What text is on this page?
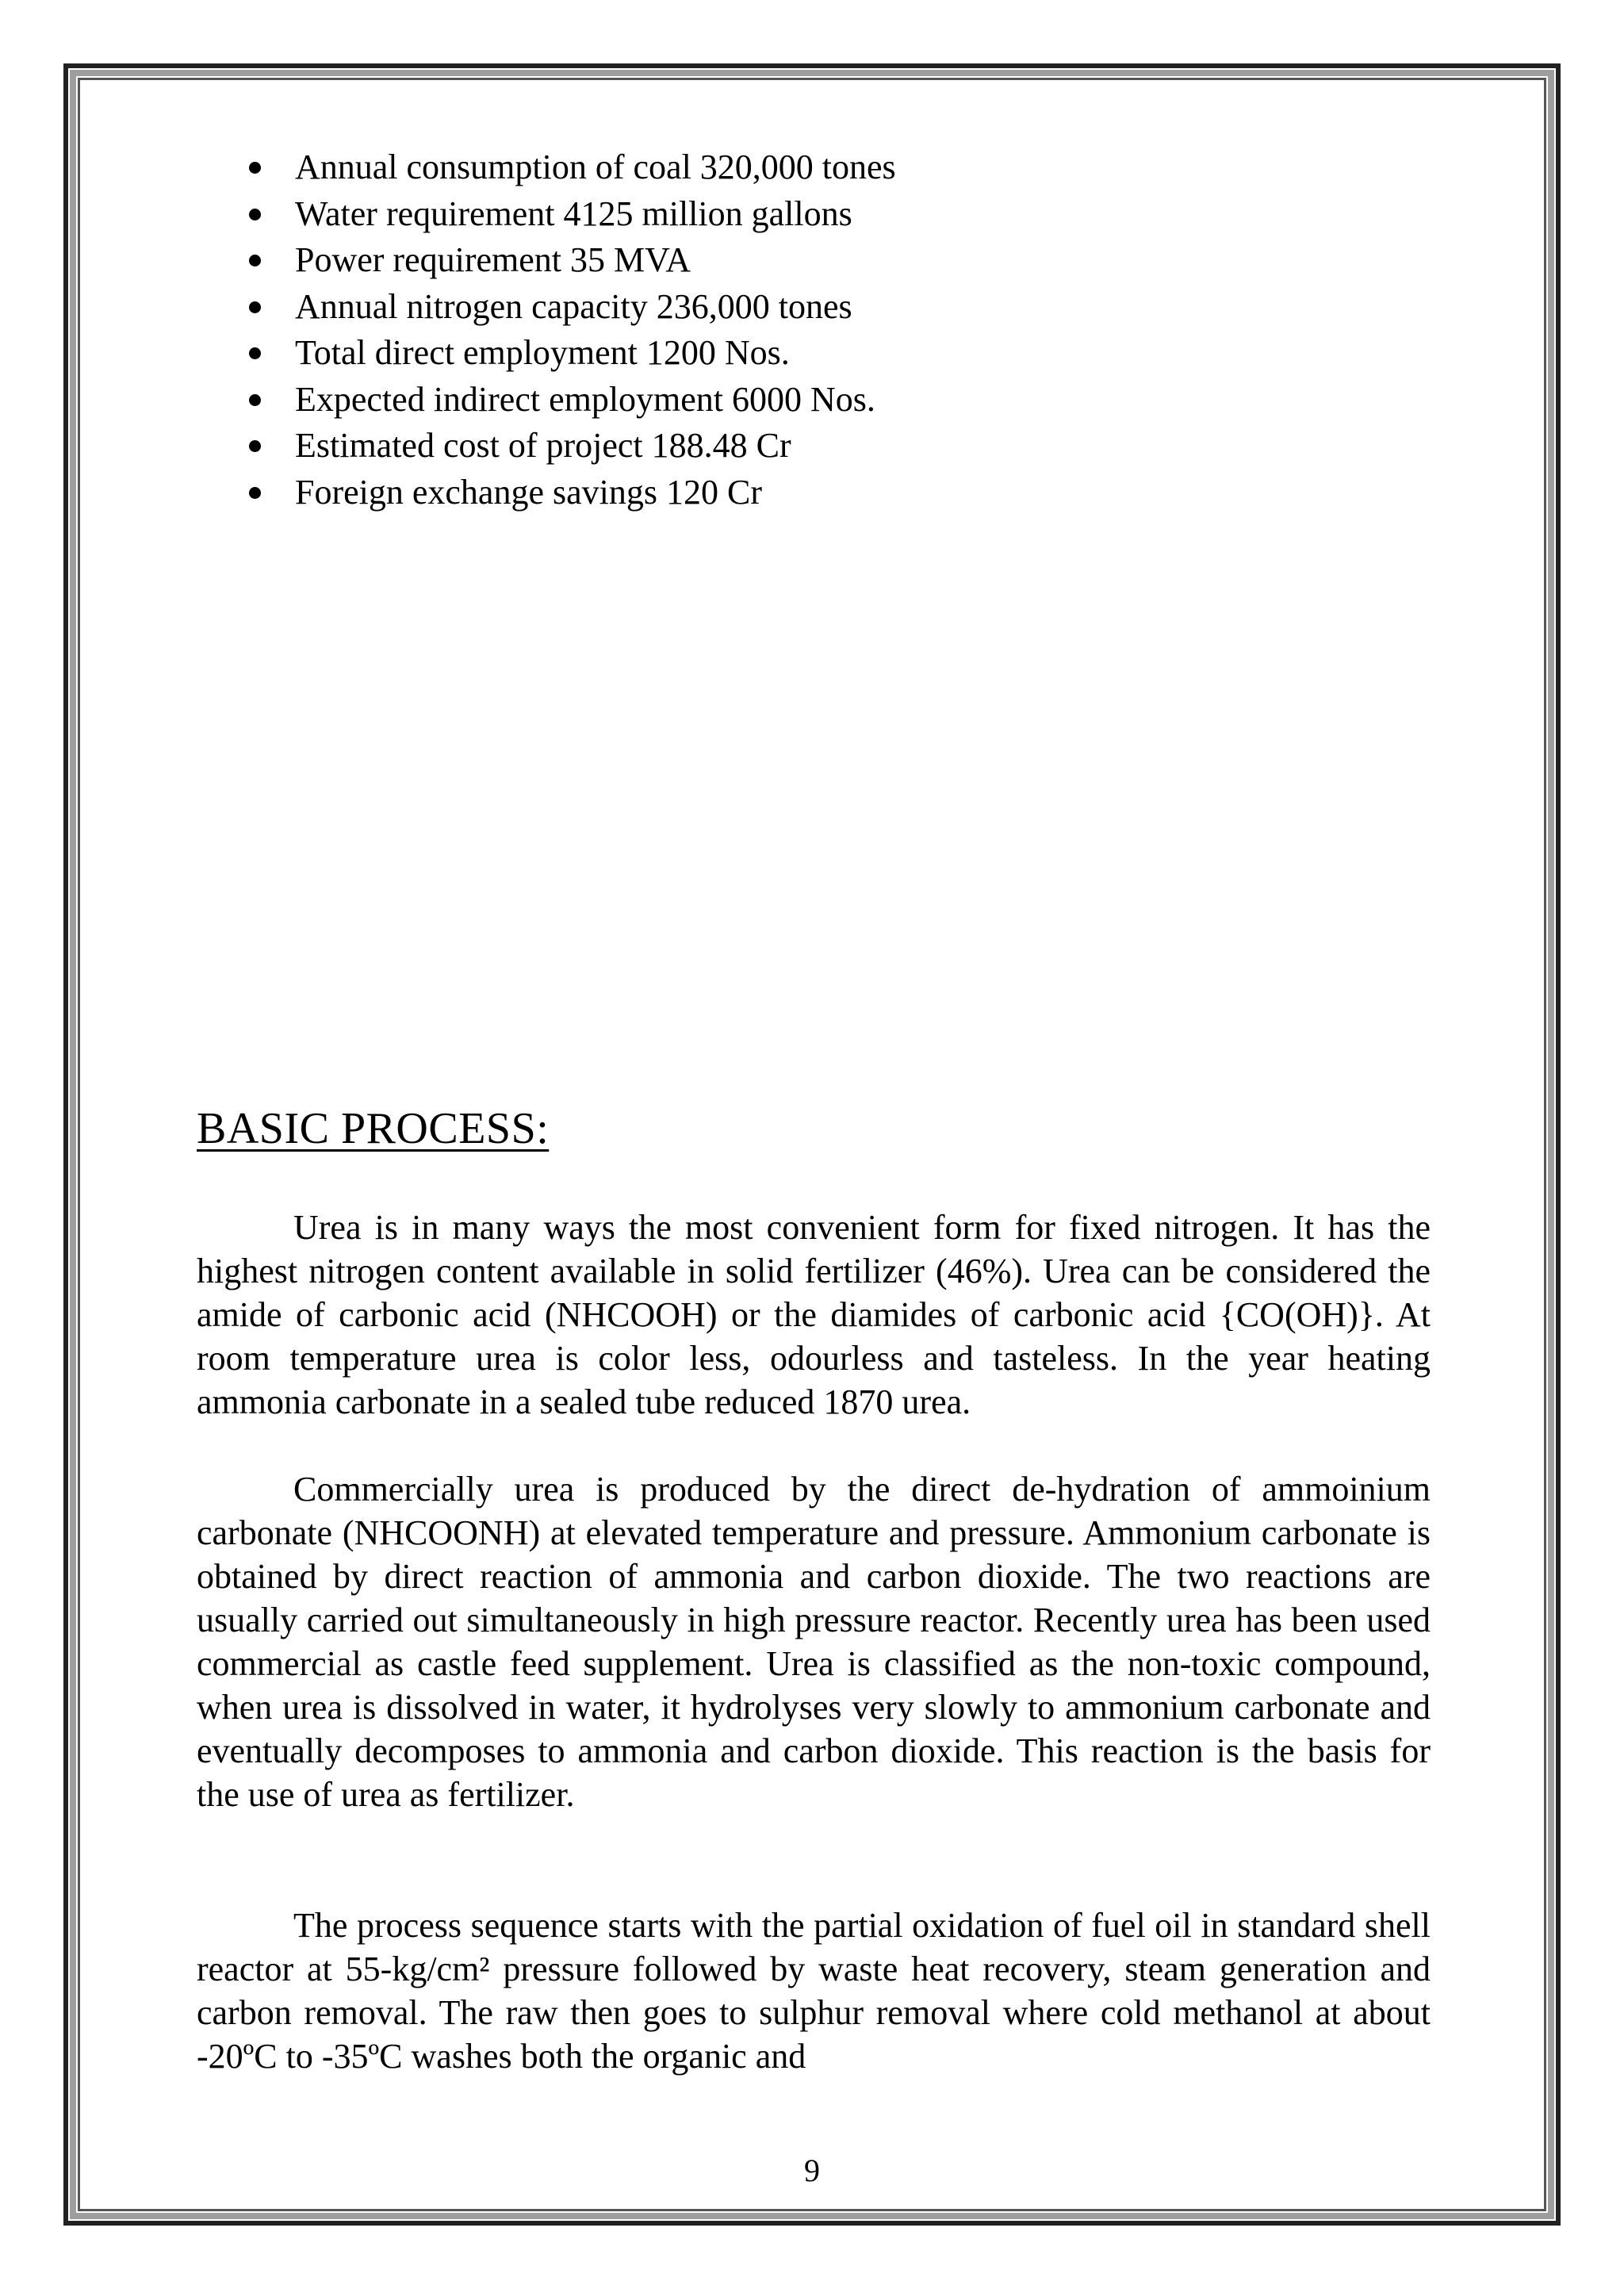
Annual consumption of coal 320,000 tones
Water requirement 4125 million gallons
Power requirement 35 MVA
Annual nitrogen capacity 236,000 tones
Total direct employment 1200 Nos.
Expected indirect employment 6000 Nos.
Estimated cost of project 188.48 Cr
Foreign exchange savings 120 Cr
BASIC PROCESS:

Urea is in many ways the most convenient form for fixed nitrogen. It has the highest nitrogen content available in solid fertilizer (46%). Urea can be considered the amide of carbonic acid (NHCOOH) or the diamides of carbonic acid {CO(OH)}. At room temperature urea is color less, odourless and tasteless. In the year heating ammonia carbonate in a sealed tube reduced 1870 urea.

Commercially urea is produced by the direct de-hydration of ammoinium carbonate (NHCOONH) at elevated temperature and pressure. Ammonium carbonate is obtained by direct reaction of ammonia and carbon dioxide. The two reactions are usually carried out simultaneously in high pressure reactor. Recently urea has been used commercial as castle feed supplement. Urea is classified as the non-toxic compound, when urea is dissolved in water, it hydrolyses very slowly to ammonium carbonate and eventually decomposes to ammonia and carbon dioxide. This reaction is the basis for the use of urea as fertilizer.

The process sequence starts with the partial oxidation of fuel oil in standard shell reactor at 55-kg/cm² pressure followed by waste heat recovery, steam generation and carbon removal. The raw then goes to sulphur removal where cold methanol at about -20ºC to -35ºC washes both the organic and

9
